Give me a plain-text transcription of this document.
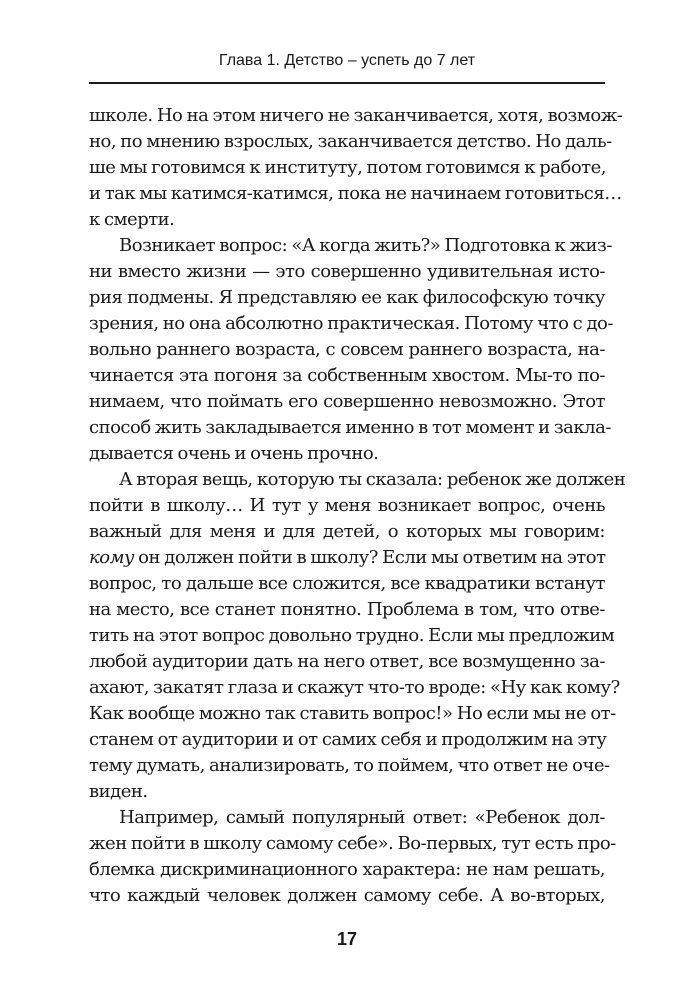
Глава 1. Детство – успеть до 7 лет
школе. Но на этом ничего не заканчивается, хотя, возмож-
но, по мнению взрослых, заканчивается детство. Но даль-
ше мы готовимся к институту, потом готовимся к работе,
и так мы катимся-катимся, пока не начинаем готовиться…
к смерти.
Возникает вопрос: «А когда жить?» Подготовка к жиз-
ни вместо жизни — это совершенно удивительная исто-
рия подмены. Я представляю ее как философскую точку
зрения, но она абсолютно практическая. Потому что с до-
вольно раннего возраста, с совсем раннего возраста, на-
чинается эта погоня за собственным хвостом. Мы-то по-
нимаем, что поймать его совершенно невозможно. Этот
способ жить закладывается именно в тот момент и закла-
дывается очень и очень прочно.
А вторая вещь, которую ты сказала: ребенок же должен
пойти в школу… И тут у меня возникает вопрос, очень
важный для меня и для детей, о которых мы говорим:
кому он должен пойти в школу? Если мы ответим на этот
вопрос, то дальше все сложится, все квадратики встанут
на место, все станет понятно. Проблема в том, что отве-
тить на этот вопрос довольно трудно. Если мы предложим
любой аудитории дать на него ответ, все возмущенно за-
ахают, закатят глаза и скажут что-то вроде: «Ну как кому?
Как вообще можно так ставить вопрос!» Но если мы не от-
станем от аудитории и от самих себя и продолжим на эту
тему думать, анализировать, то поймем, что ответ не оче-
виден.
Например, самый популярный ответ: «Ребенок дол-
жен пойти в школу самому себе». Во-первых, тут есть про-
блемка дискриминационного характера: не нам решать,
что каждый человек должен самому себе. А во-вторых,
17
